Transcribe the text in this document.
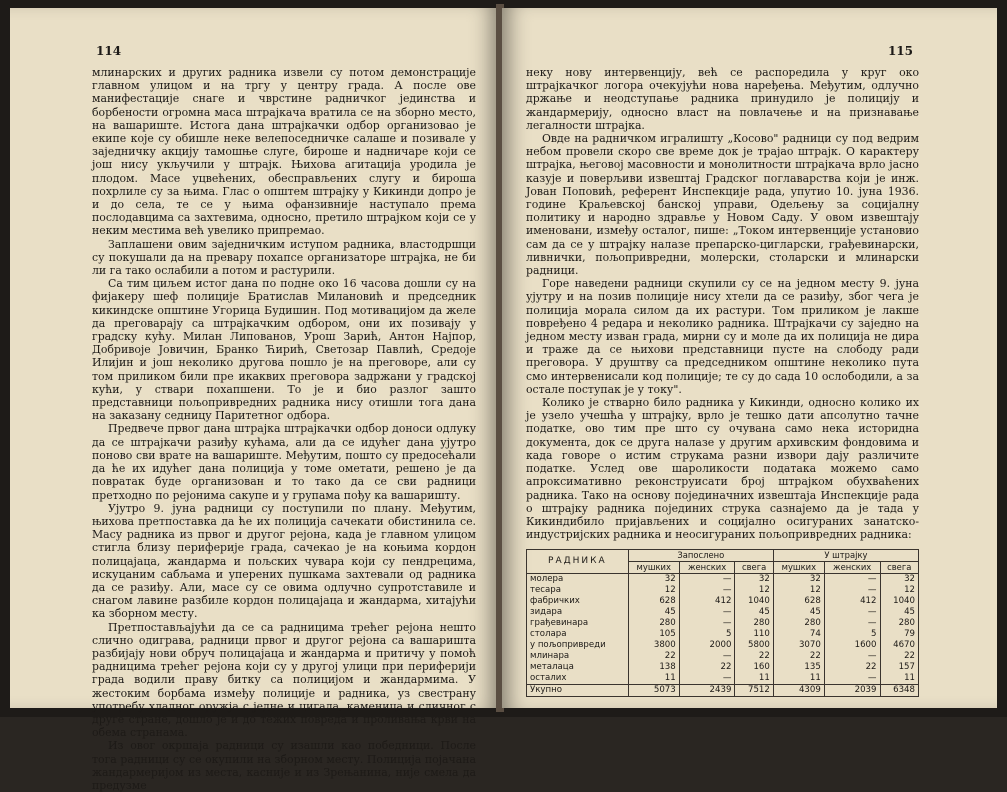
114

млинарских и других радника извели су потом демонстрације главном улицом и на тргу у центру града. А после ове манифестације снаге и чврстине радничког јединства и борбености огромна маса штрајкача вратила се на зборно место, на вашариште. Истога дана штрајкачки одбор организовао је екипе које су обишле неке велепоседничке салаше и позивале у заједничку акцију тамошње слуге, бироше и надничаре који се још нису укључили у штрајк. Њихова агитација уродила је плодом. Масе уцвећених, обесправљених слугу и бироша похрлиле су за њима. Глас о општем штрајку у Кикинди допро је и до села, те се у њима офанзивније наступало према послодавцима са захтевима, односно, претило штрајком који се у неким местима већ увелико припремао.

Заплашени овим заједничким иступом радника, властодршци су покушали да на превару похапсе организаторе штрајка, не би ли га тако ослабили а потом и растурили.

Са тим циљем истог дана по подне око 16 часова дошли су на фијакеру шеф полиције Братислав Милановић и председник кикиндске општине Угорица Будишин. Под мотивацијом да желе да преговарају са штрајкачким одбором, они их позивају у градску кућу. Милан Липованов, Урош Зарић, Антон Најпор, Добривоје Јовичин, Бранко Ћирић, Светозар Павлић, Средоје Илијин и још неколико другова пошло је на преговоре, али су том приликом били пре икаквих преговора задржани у градској кући, у ствари похапшени. То је и био разлог зашто представници пољопривредних радника нису отишли тога дана на заказану седницу Паритетног одбора.

Предвече првог дана штрајка штрајкачки одбор доноси одлуку да се штрајкачи разиђу кућама, али да се идућег дана ујутро поново сви врате на вашариште. Међутим, пошто су предосећали да ће их идућег дана полиција у томе ометати, решено је да повратак буде организован и то тако да се сви радници претходно по рејонима сакупе и у групама пођу ка вашаришту.

Ујутро 9. јуна радници су поступили по плану. Међутим, њихова претпоставка да ће их полиција сачекати обистинила се. Масу радника из првог и другог рејона, када је главном улицом стигла близу периферије града, сачекао је на коњима кордон полицајаца, жандарма и пољских чувара који су пендрецима, искуцаним сабљама и уперених пушкама захтевали од радника да се разиђу. Али, масе су се овима одлучно супротставиле и снагом лавине разбиле кордон полицајаца и жандарма, хитајући ка зборном месту.

Претпостављајући да се са радницима трећег рејона нешто слично одиграва, радници првог и другог рејона са вашаришта разбијају нови обруч полицајаца и жандарма и притичу у помоћ радницима трећег рејона који су у другој улици при периферији града водили праву битку са полицијом и жандармима. У жестоким борбама између полиције и радника, уз свестрану употребу хладног оружја с једне и цигала, каменица и сличног с друге стране, дошло је и до тежих повреда и проливања крви на обема странама.

Из овог окршаја радници су изашли као победници. После тога радници су се окупили на зборном месту. Полиција појачана жандармеријом из места, касније и из Зрењанина, није смела да предузме

115

неку нову интервенцију, већ се распоредила у круг око штрајкачког логора очекујући нова наређења. Међутим, одлучно држање и неодступање радника принудило је полицију и жандармерију, односно власт на повлачење и на признавање легалности штрајка.

Овде на радничком игралишту „Косово" радници су под ведрим небом провели скоро све време док је трајао штрајк. О карактеру штрајка, његовој масовности и монолитности штрајкача врло јасно казује и поверљиви извештај Градског поглаварства који је инж. Јован Поповић, референт Инспекције рада, упутио 10. јуна 1936. године Краљевској банској управи, Одељењу за социјалну политику и народно здравље у Новом Саду. У овом извештају именовани, између осталог, пише: „Током интервенције установио сам да се у штрајку налазе препарско-цигларски, грађевинарски, ливнички, пољопривредни, молерски, столарски и млинарски радници.

Горе наведени радници скупили су се на једном месту 9. јуна ујутру и на позив полиције нису хтели да се разиђу, због чега је полиција морала силом да их растури. Том приликом је лакше повређено 4 редара и неколико радника. Штрајкачи су заједно на једном месту изван града, мирни су и моле да их полиција не дира и траже да се њихови представници пусте на слободу ради преговора. У друштву са председником општине неколико пута смо интервенисали код полиције; те су до сада 10 ослободили, а за остале поступак је у току".

Колико је стварно било радника у Кикинди, односно колико их је узело учешћа у штрајку, врло је тешко дати апсолутно тачне податке, ово тим пре што су очувана само нека историдна документа, док се друга налазе у другим архивским фондовима и када говоре о истим струкама разни извори дају различите податке. Услед ове шароликости података можемо само апроксимативно реконструисати број штрајком обухваћених радника. Тако на основу појединачних извештаја Инспекције рада о штрајку радника појединих струка сазнајемо да је тада у Кикиндибило пријављених и социјално осигураних занатско-индустријских радника и неосигураних пољопривредних радника:

РАДНИКА	Запослено			У штрајку		
	мушких	женских	свега	мушких	женских	свега
молера	32	—	32	32	—	32
тесара	12	—	12	12	—	12
фабричких	628	412	1040	628	412	1040
зидара	45	—	45	45	—	45
грађевинара	280	—	280	280	—	280
столара	105	5	110	74	5	79
у пољопривреди	3800	2000	5800	3070	1600	4670
млинара	22	—	22	22	—	22
металаца	138	22	160	135	22	157
осталих	11	—	11	11	—	11
Укупно	5073	2439	7512	4309	2039	6348
